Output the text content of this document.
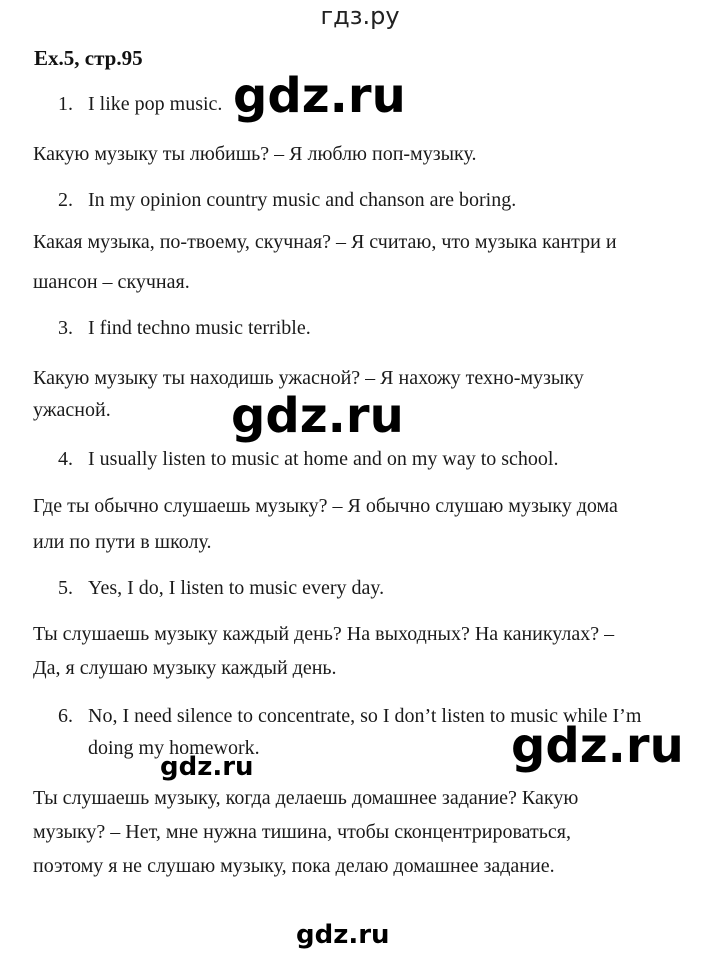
гдз.ру
Ex.5, стр.95
1. I like pop music.
Какую музыку ты любишь? – Я люблю поп-музыку.
2. In my opinion country music and chanson are boring.
Какая музыка, по-твоему, скучная? – Я считаю, что музыка кантри и
шансон – скучная.
3. I find techno music terrible.
Какую музыку ты находишь ужасной? – Я нахожу техно-музыку
ужасной.
4. I usually listen to music at home and on my way to school.
Где ты обычно слушаешь музыку? – Я обычно слушаю музыку дома
или по пути в школу.
5. Yes, I do, I listen to music every day.
Ты слушаешь музыку каждый день? На выходных? На каникулах? –
Да, я слушаю музыку каждый день.
6. No, I need silence to concentrate, so I don’t listen to music while I’m
doing my homework.
Ты слушаешь музыку, когда делаешь домашнее задание? Какую
музыку? – Нет, мне нужна тишина, чтобы сконцентрироваться,
поэтому я не слушаю музыку, пока делаю домашнее задание.
gdz.ru
gdz.ru
gdz.ru
gdz.ru
gdz.ru
